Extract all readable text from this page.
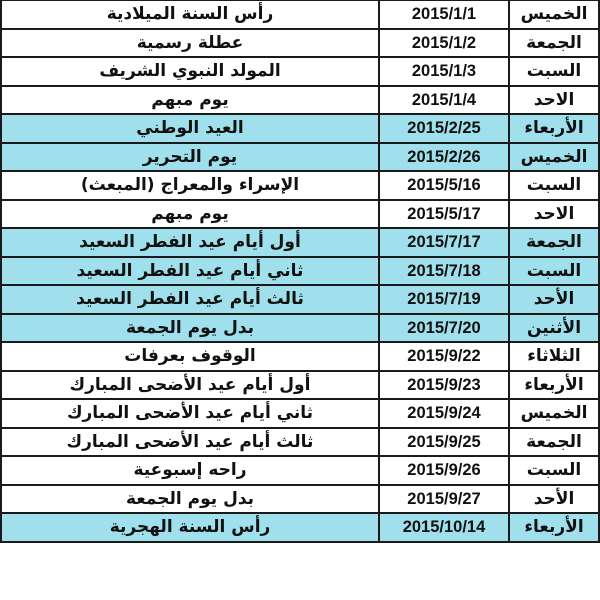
الخميس	2015/1/1	رأس السنة الميلادية
الجمعة	2015/1/2	عطلة رسمية
السبت	2015/1/3	المولد النبوي الشريف
الاحد	2015/1/4	يوم مبهم
الأربعاء	2015/2/25	العيد الوطني
الخميس	2015/2/26	يوم التحرير
السبت	2015/5/16	الإسراء والمعراج (المبعث)
الاحد	2015/5/17	يوم مبهم
الجمعة	2015/7/17	أول أيام عيد الفطر السعيد
السبت	2015/7/18	ثاني أيام عيد الفطر السعيد
الأحد	2015/7/19	ثالث أيام عيد الفطر السعيد
الأثنين	2015/7/20	بدل يوم الجمعة
الثلاثاء	2015/9/22	الوقوف بعرفات
الأربعاء	2015/9/23	أول أيام عيد الأضحى المبارك
الخميس	2015/9/24	ثاني أيام عيد الأضحى المبارك
الجمعة	2015/9/25	ثالث أيام عيد الأضحى المبارك
السبت	2015/9/26	راحه إسبوعية
الأحد	2015/9/27	بدل يوم الجمعة
الأربعاء	2015/10/14	رأس السنة الهجرية
